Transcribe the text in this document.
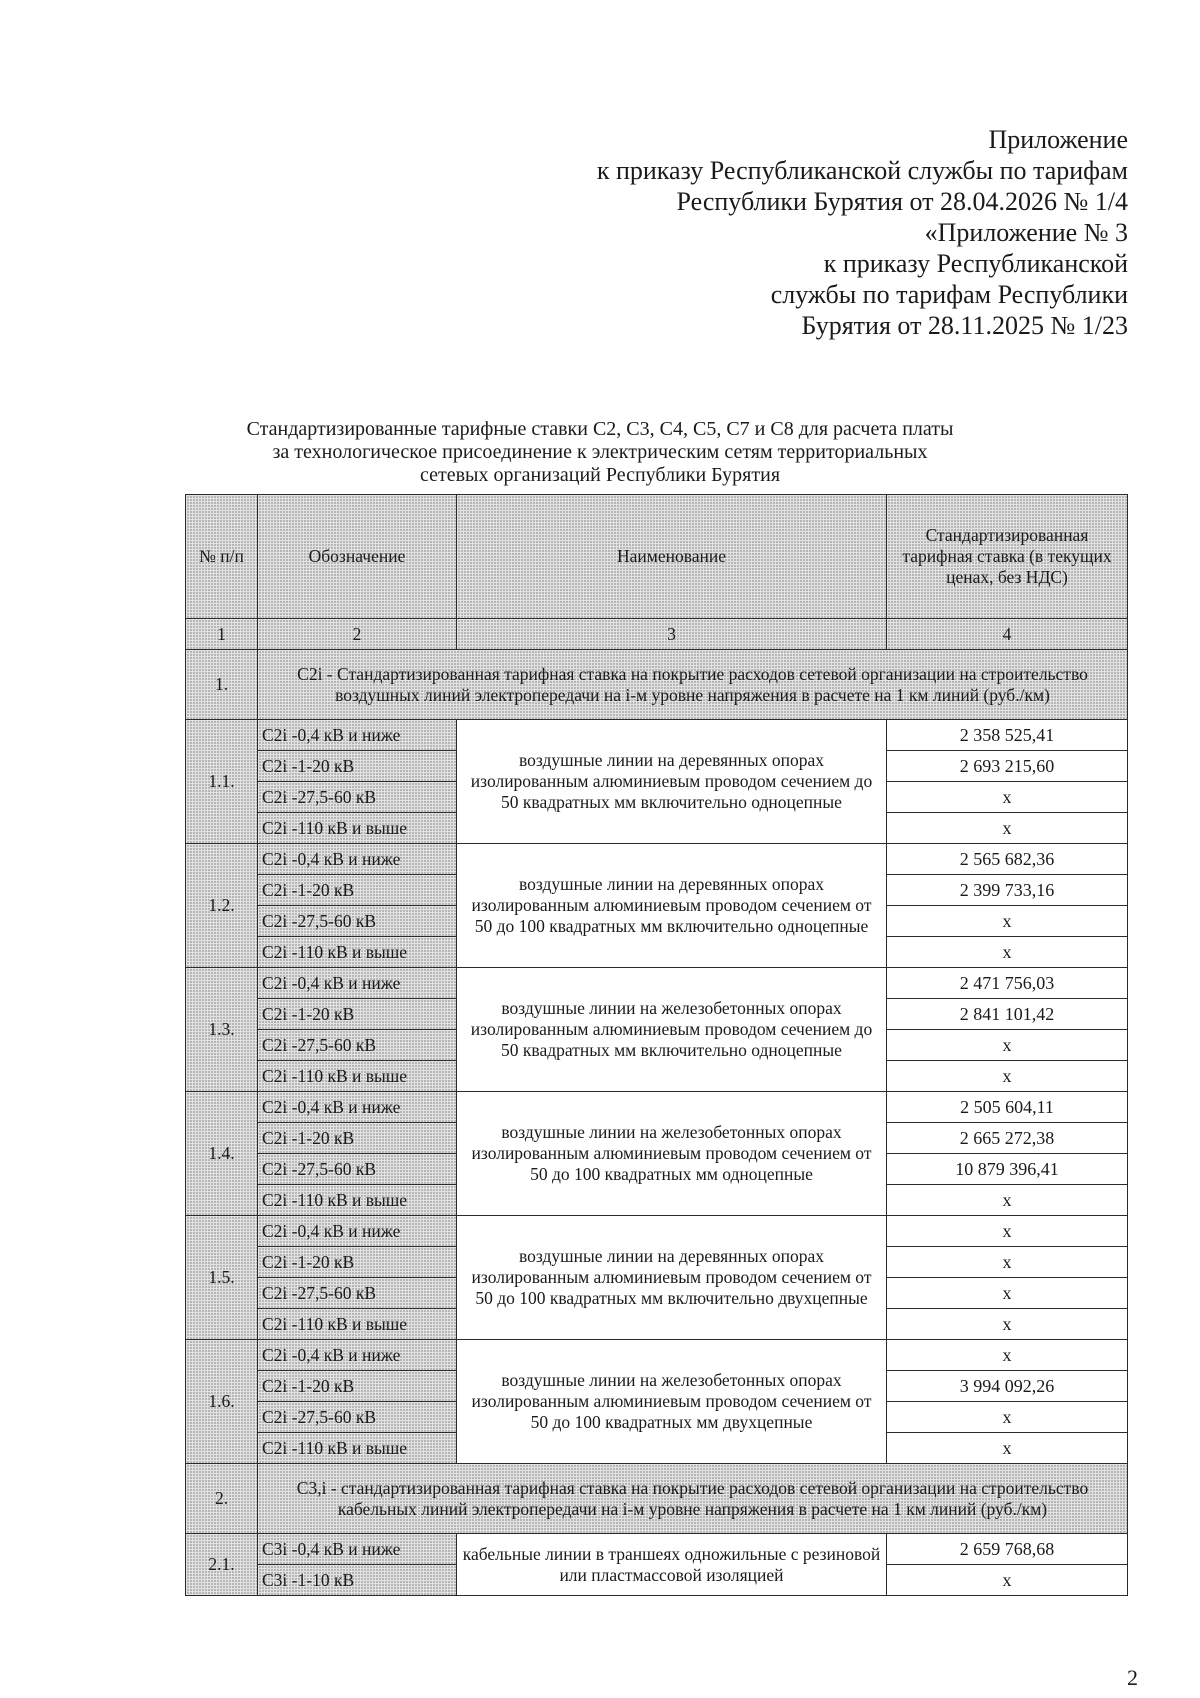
Приложение
к приказу Республиканской службы по тарифам
Республики Бурятия от 28.04.2026 № 1/4
«Приложение № 3
к приказу Республиканской
службы по тарифам Республики
Бурятия от 28.11.2025 № 1/23
Стандартизированные тарифные ставки С2, С3, С4, С5, С7 и С8 для расчета платы
за технологическое присоединение к электрическим сетям территориальных
сетевых организаций Республики Бурятия
№ п/п	Обозначение	Наименование	Стандартизированная тарифная ставка (в текущих ценах, без НДС)
1	2	3	4
1.	С2i - Стандартизированная тарифная ставка на покрытие расходов сетевой организации на строительство воздушных линий электропередачи на i-м уровне напряжения в расчете на 1 км линий (руб./км)		
1.1.	С2i -0,4 кВ и ниже	воздушные линии на деревянных опорах изолированным алюминиевым проводом сечением до 50 квадратных мм включительно одноцепные	2 358 525,41
	С2i -1-20 кВ		2 693 215,60
	С2i -27,5-60 кВ		х
	С2i -110 кВ и выше		х
1.2.	С2i -0,4 кВ и ниже	воздушные линии на деревянных опорах изолированным алюминиевым проводом сечением от 50 до 100 квадратных мм включительно одноцепные	2 565 682,36
	С2i -1-20 кВ		2 399 733,16
	С2i -27,5-60 кВ		х
	С2i -110 кВ и выше		х
1.3.	С2i -0,4 кВ и ниже	воздушные линии на железобетонных опорах изолированным алюминиевым проводом сечением до 50 квадратных мм включительно одноцепные	2 471 756,03
	С2i -1-20 кВ		2 841 101,42
	С2i -27,5-60 кВ		х
	С2i -110 кВ и выше		х
1.4.	С2i -0,4 кВ и ниже	воздушные линии на железобетонных опорах изолированным алюминиевым проводом сечением от 50 до 100 квадратных мм одноцепные	2 505 604,11
	С2i -1-20 кВ		2 665 272,38
	С2i -27,5-60 кВ		10 879 396,41
	С2i -110 кВ и выше		х
1.5.	С2i -0,4 кВ и ниже	воздушные линии на деревянных опорах изолированным алюминиевым проводом сечением от 50 до 100 квадратных мм включительно двухцепные	х
	С2i -1-20 кВ		х
	С2i -27,5-60 кВ		х
	С2i -110 кВ и выше		х
1.6.	С2i -0,4 кВ и ниже	воздушные линии на железобетонных опорах изолированным алюминиевым проводом сечением от 50 до 100 квадратных мм двухцепные	х
	С2i -1-20 кВ		3 994 092,26
	С2i -27,5-60 кВ		х
	С2i -110 кВ и выше		х
2.	С3,i - стандартизированная тарифная ставка на покрытие расходов сетевой организации на строительство кабельных линий электропередачи на i-м уровне напряжения в расчете на 1 км линий (руб./км)		
2.1.	С3i -0,4 кВ и ниже	кабельные линии в траншеях одножильные с резиновой или пластмассовой изоляцией	2 659 768,68
	С3i -1-10 кВ		х
2
